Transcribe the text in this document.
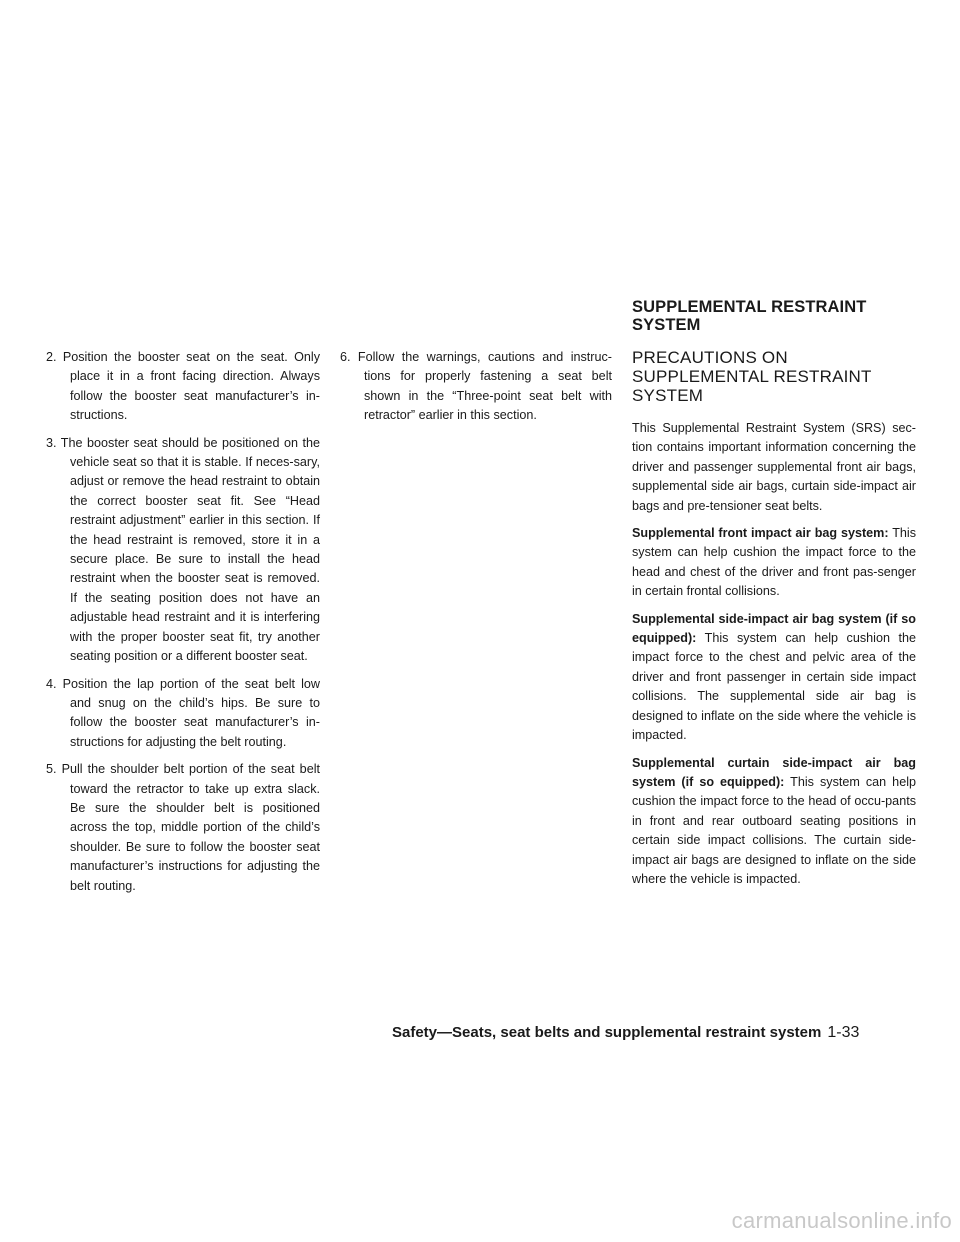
SUPPLEMENTAL RESTRAINT
SYSTEM

2. Position the booster seat on the seat. Only place it in a front facing direction. Always follow the booster seat manufacturer’s in-structions.

3. The booster seat should be positioned on the vehicle seat so that it is stable. If neces-sary, adjust or remove the head restraint to obtain the correct booster seat fit. See “Head restraint adjustment” earlier in this section. If the head restraint is removed, store it in a secure place. Be sure to install the head restraint when the booster seat is removed. If the seating position does not have an adjustable head restraint and it is interfering with the proper booster seat fit, try another seating position or a different booster seat.

4. Position the lap portion of the seat belt low and snug on the child’s hips. Be sure to follow the booster seat manufacturer’s in-structions for adjusting the belt routing.

5. Pull the shoulder belt portion of the seat belt toward the retractor to take up extra slack. Be sure the shoulder belt is positioned across the top, middle portion of the child’s shoulder. Be sure to follow the booster seat manufacturer’s instructions for adjusting the belt routing.

6. Follow the warnings, cautions and instruc-tions for properly fastening a seat belt shown in the “Three-point seat belt with retractor” earlier in this section.

PRECAUTIONS ON
SUPPLEMENTAL RESTRAINT
SYSTEM

This Supplemental Restraint System (SRS) sec-tion contains important information concerning the driver and passenger supplemental front air bags, supplemental side air bags, curtain side-impact air bags and pre-tensioner seat belts.

Supplemental front impact air bag system: This system can help cushion the impact force to the head and chest of the driver and front pas-senger in certain frontal collisions.

Supplemental side-impact air bag system (if so equipped): This system can help cushion the impact force to the chest and pelvic area of the driver and front passenger in certain side impact collisions. The supplemental side air bag is designed to inflate on the side where the vehicle is impacted.

Supplemental curtain side-impact air bag system (if so equipped): This system can help cushion the impact force to the head of occu-pants in front and rear outboard seating positions in certain side impact collisions. The curtain side-impact air bags are designed to inflate on the side where the vehicle is impacted.

Safety—Seats, seat belts and supplemental restraint system 1-33
carmanualsonline.info
